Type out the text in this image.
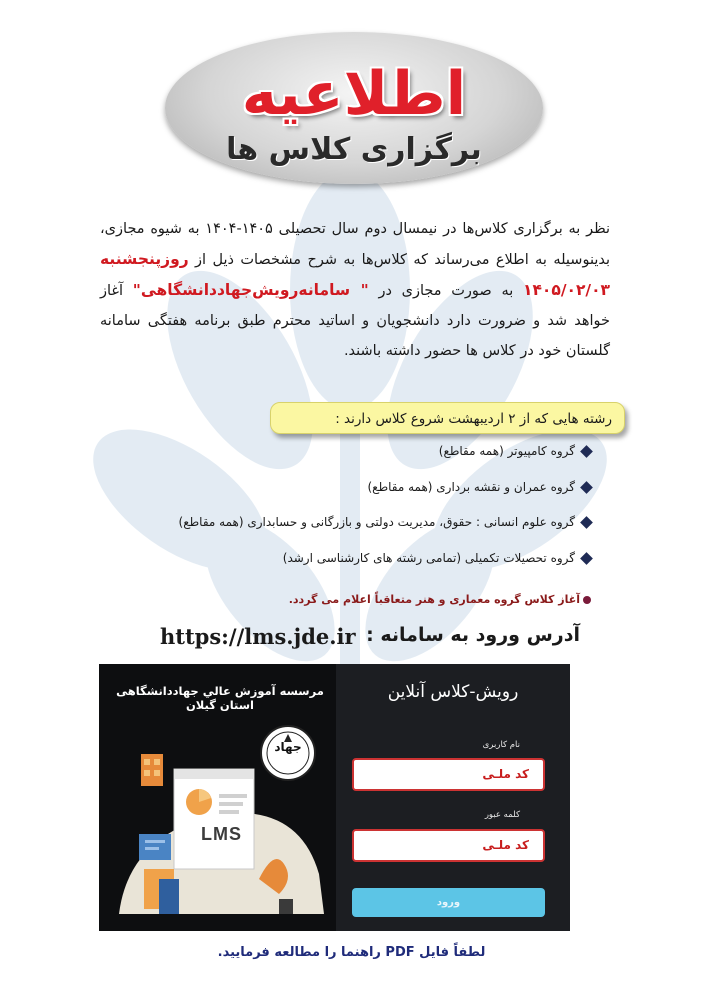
اطلاعیه
برگزاری کلاس ها

نظر به برگزاری کلاس‌ها در نیمسال دوم سال تحصیلی ۱۴۰۵-۱۴۰۴ به شیوه مجازی، بدینوسیله به اطلاع می‌رساند که کلاس‌ها به شرح مشخصات ذیل از روزپنجشنبه ۱۴۰۵/۰۲/۰۳ به صورت مجازی در " سامانه‌رویش‌جهاددانشگاهی" آغاز خواهد شد و ضرورت دارد دانشجویان و اساتید محترم طبق برنامه هفتگی سامانه گلستان خود در کلاس ها حضور داشته باشند.

رشته هایی که از ۲ اردیبهشت شروع کلاس دارند :
گروه کامپیوتر (همه مقاطع)
گروه عمران و نقشه برداری (همه مقاطع)
گروه علوم انسانی : حقوق، مدیریت دولتی و بازرگانی و حسابداری (همه مقاطع)
گروه تحصیلات تکمیلی (تمامی رشته های کارشناسی ارشد)
آغاز کلاس گروه معماری و هنر متعاقباً اعلام می گردد.
https://lms.jde.ir آدرس ورود به سامانه :
مرسسه آموزش عالي جهاددانشگاهی استان گیلان
جهاد
LMS
رویش-کلاس آنلاین
نام کاربری
کد ملـی
کلمه عبور
کد ملـی
ورود
لطفاً فایل PDF راهنما را مطالعه فرمایید.
